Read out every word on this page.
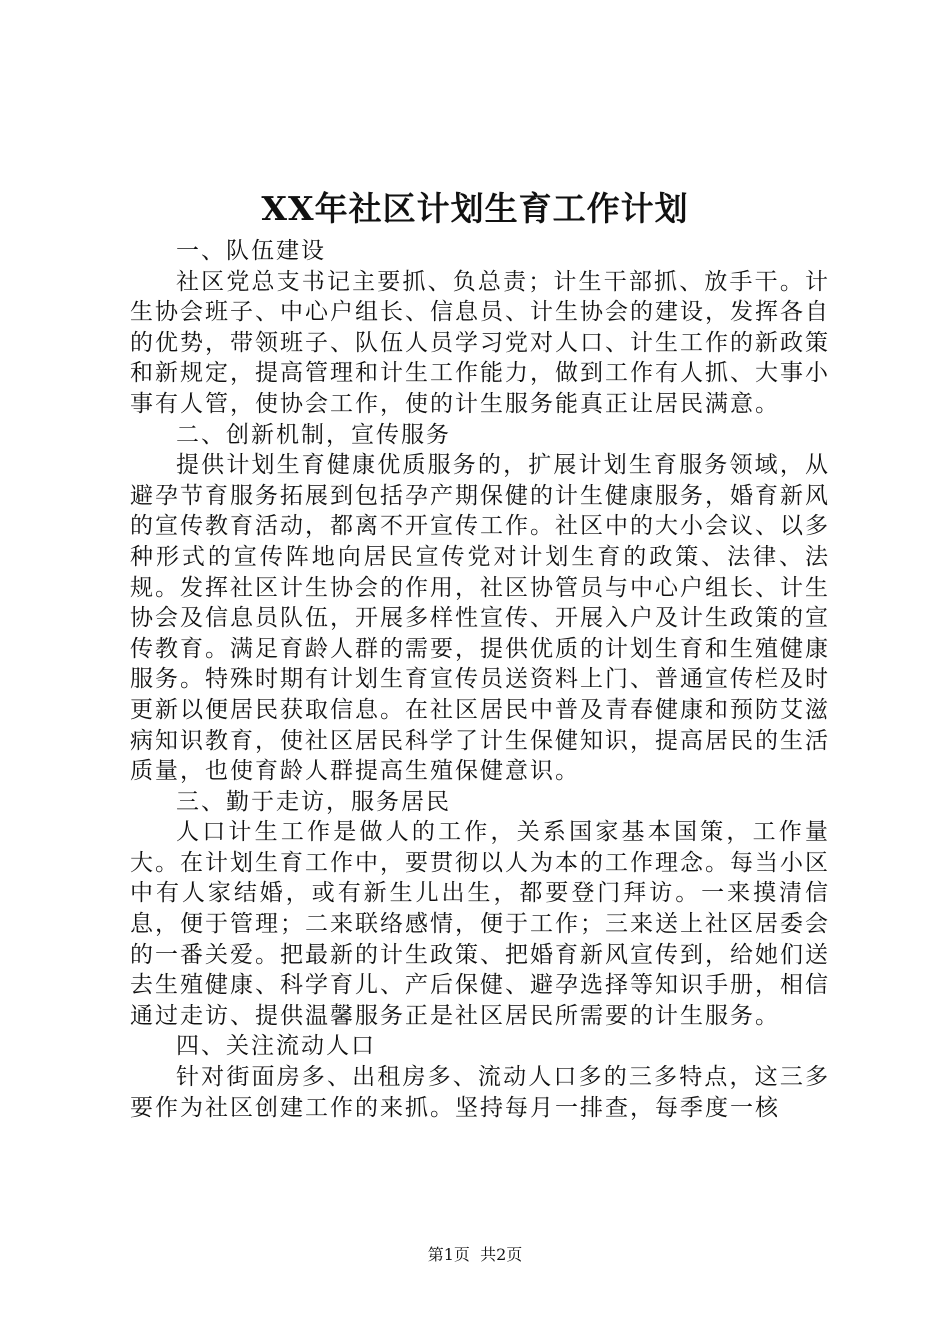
XX年社区计划生育工作计划

一、队伍建设

社区党总支书记主要抓、负总责；计生干部抓、放手干。计生协会班子、中心户组长、信息员、计生协会的建设，发挥各自的优势，带领班子、队伍人员学习党对人口、计生工作的新政策和新规定，提高管理和计生工作能力，做到工作有人抓、大事小事有人管，使协会工作，使的计生服务能真正让居民满意。

二、创新机制，宣传服务

提供计划生育健康优质服务的，扩展计划生育服务领域，从避孕节育服务拓展到包括孕产期保健的计生健康服务，婚育新风的宣传教育活动，都离不开宣传工作。社区中的大小会议、以多种形式的宣传阵地向居民宣传党对计划生育的政策、法律、法规。发挥社区计生协会的作用，社区协管员与中心户组长、计生协会及信息员队伍，开展多样性宣传、开展入户及计生政策的宣传教育。满足育龄人群的需要，提供优质的计划生育和生殖健康服务。特殊时期有计划生育宣传员送资料上门、普通宣传栏及时更新以便居民获取信息。在社区居民中普及青春健康和预防艾滋病知识教育，使社区居民科学了计生保健知识，提高居民的生活质量，也使育龄人群提高生殖保健意识。

三、勤于走访，服务居民

人口计生工作是做人的工作，关系国家基本国策，工作量大。在计划生育工作中，要贯彻以人为本的工作理念。每当小区中有人家结婚，或有新生儿出生，都要登门拜访。一来摸清信息，便于管理；二来联络感情，便于工作；三来送上社区居委会的一番关爱。把最新的计生政策、把婚育新风宣传到，给她们送去生殖健康、科学育儿、产后保健、避孕选择等知识手册，相信通过走访、提供温馨服务正是社区居民所需要的计生服务。

四、关注流动人口

针对街面房多、出租房多、流动人口多的三多特点，这三多要作为社区创建工作的来抓。坚持每月一排查，每季度一核

第1页  共2页
